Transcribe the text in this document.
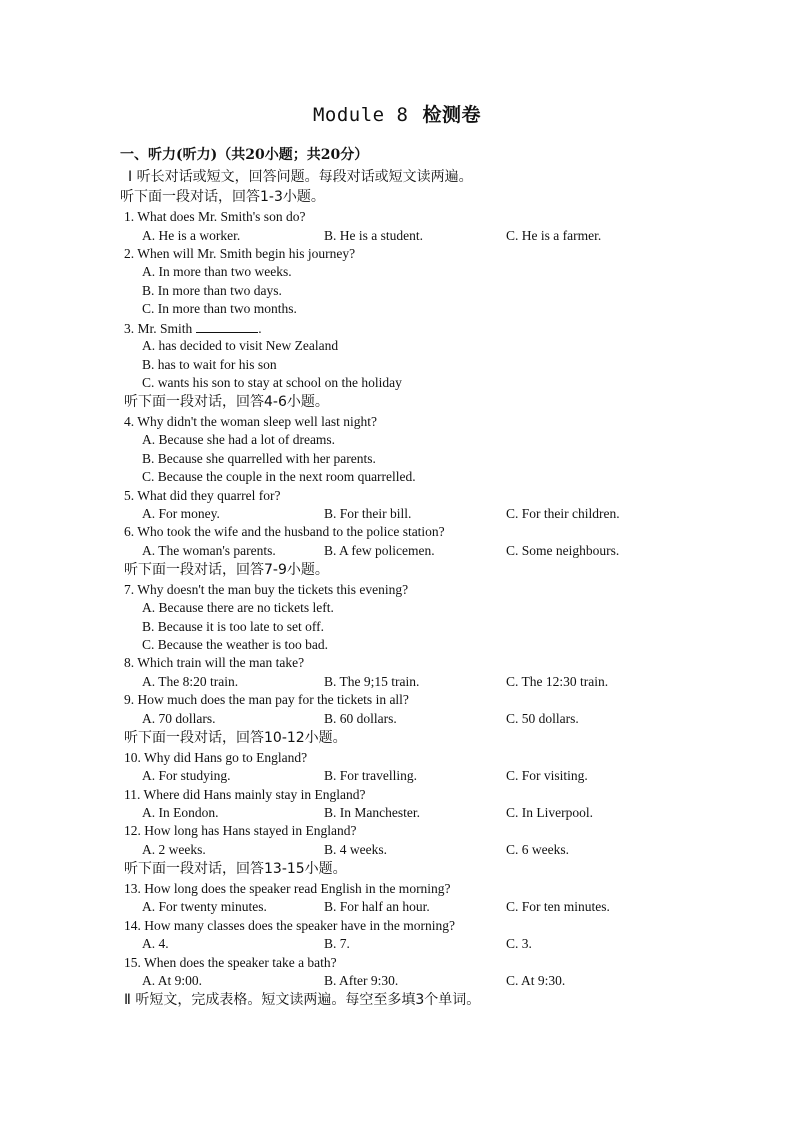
Module 8 检测卷
一、听力(听力)（共20小题；共20分）
Ⅰ 听长对话或短文，回答问题。每段对话或短文读两遍。
听下面一段对话，回答1-3小题。
1. What does Mr. Smith's son do?
A. He is a worker.	B. He is a student.	C. He is a farmer.
2. When will Mr. Smith begin his journey?
A. In more than two weeks.
B. In more than two days.
C. In more than two months.
3. Mr. Smith	.
A. has decided to visit New Zealand
B. has to wait for his son
C. wants his son to stay at school on the holiday
听下面一段对话，回答4-6小题。
4. Why didn't the woman sleep well last night?
A. Because she had a lot of dreams.
B. Because she quarrelled with her parents.
C. Because the couple in the next room quarrelled.
5. What did they quarrel for?
A. For money.	B. For their bill.	C. For their children.
6. Who took the wife and the husband to the police station?
A. The woman's parents.	B. A few policemen.	C. Some neighbours.
听下面一段对话，回答7-9小题。
7. Why doesn't the man buy the tickets this evening?
A. Because there are no tickets left.
B. Because it is too late to set off.
C. Because the weather is too bad.
8. Which train will the man take?
A. The 8:20 train.	B. The 9;15 train.	C. The 12:30 train.
9. How much does the man pay for the tickets in all?
A. 70 dollars.	B. 60 dollars.	C. 50 dollars.
听下面一段对话，回答10-12小题。
10. Why did Hans go to England?
A. For studying.	B. For travelling.	C. For visiting.
11. Where did Hans mainly stay in England?
A. In Eondon.	B. In Manchester.	C. In Liverpool.
12. How long has Hans stayed in England?
A. 2 weeks.	B. 4 weeks.	C. 6 weeks.
听下面一段对话，回答13-15小题。
13. How long does the speaker read English in the morning?
A. For twenty minutes.	B. For half an hour.	C. For ten minutes.
14. How many classes does the speaker have in the morning?
A. 4.	B. 7.	C. 3.
15. When does the speaker take a bath?
A. At 9:00.	B. After 9:30.	C. At 9:30.
Ⅱ 听短文，完成表格。短文读两遍。每空至多填3个单词。
